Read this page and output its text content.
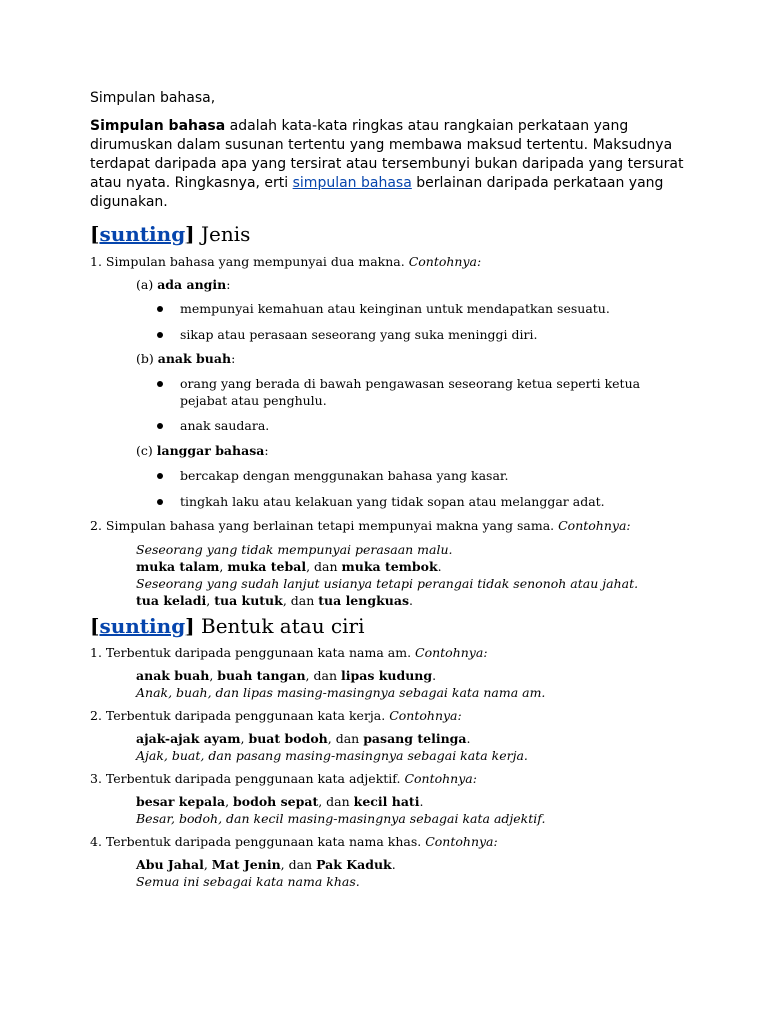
Simpulan bahasa,
Simpulan bahasa adalah kata-kata ringkas atau rangkaian perkataan yang dirumuskan dalam susunan tertentu yang membawa maksud tertentu. Maksudnya terdapat daripada apa yang tersirat atau tersembunyi bukan daripada yang tersurat atau nyata. Ringkasnya, erti simpulan bahasa berlainan daripada perkataan yang digunakan.
[sunting] Jenis
1. Simpulan bahasa yang mempunyai dua makna. Contohnya:
(a) ada angin:
mempunyai kemahuan atau keinginan untuk mendapatkan sesuatu.
sikap atau perasaan seseorang yang suka meninggi diri.
(b) anak buah:
orang yang berada di bawah pengawasan seseorang ketua seperti ketua pejabat atau penghulu.
anak saudara.
(c) langgar bahasa:
bercakap dengan menggunakan bahasa yang kasar.
tingkah laku atau kelakuan yang tidak sopan atau melanggar adat.
2. Simpulan bahasa yang berlainan tetapi mempunyai makna yang sama. Contohnya:
Seseorang yang tidak mempunyai perasaan malu.
muka talam, muka tebal, dan muka tembok.
Seseorang yang sudah lanjut usianya tetapi perangai tidak senonoh atau jahat.
tua keladi, tua kutuk, dan tua lengkuas.
[sunting] Bentuk atau ciri
1. Terbentuk daripada penggunaan kata nama am. Contohnya:
anak buah, buah tangan, dan lipas kudung.
Anak, buah, dan lipas masing-masingnya sebagai kata nama am.
2. Terbentuk daripada penggunaan kata kerja. Contohnya:
ajak-ajak ayam, buat bodoh, dan pasang telinga.
Ajak, buat, dan pasang masing-masingnya sebagai kata kerja.
3. Terbentuk daripada penggunaan kata adjektif. Contohnya:
besar kepala, bodoh sepat, dan kecil hati.
Besar, bodoh, dan kecil masing-masingnya sebagai kata adjektif.
4. Terbentuk daripada penggunaan kata nama khas. Contohnya:
Abu Jahal, Mat Jenin, dan Pak Kaduk.
Semua ini sebagai kata nama khas.
